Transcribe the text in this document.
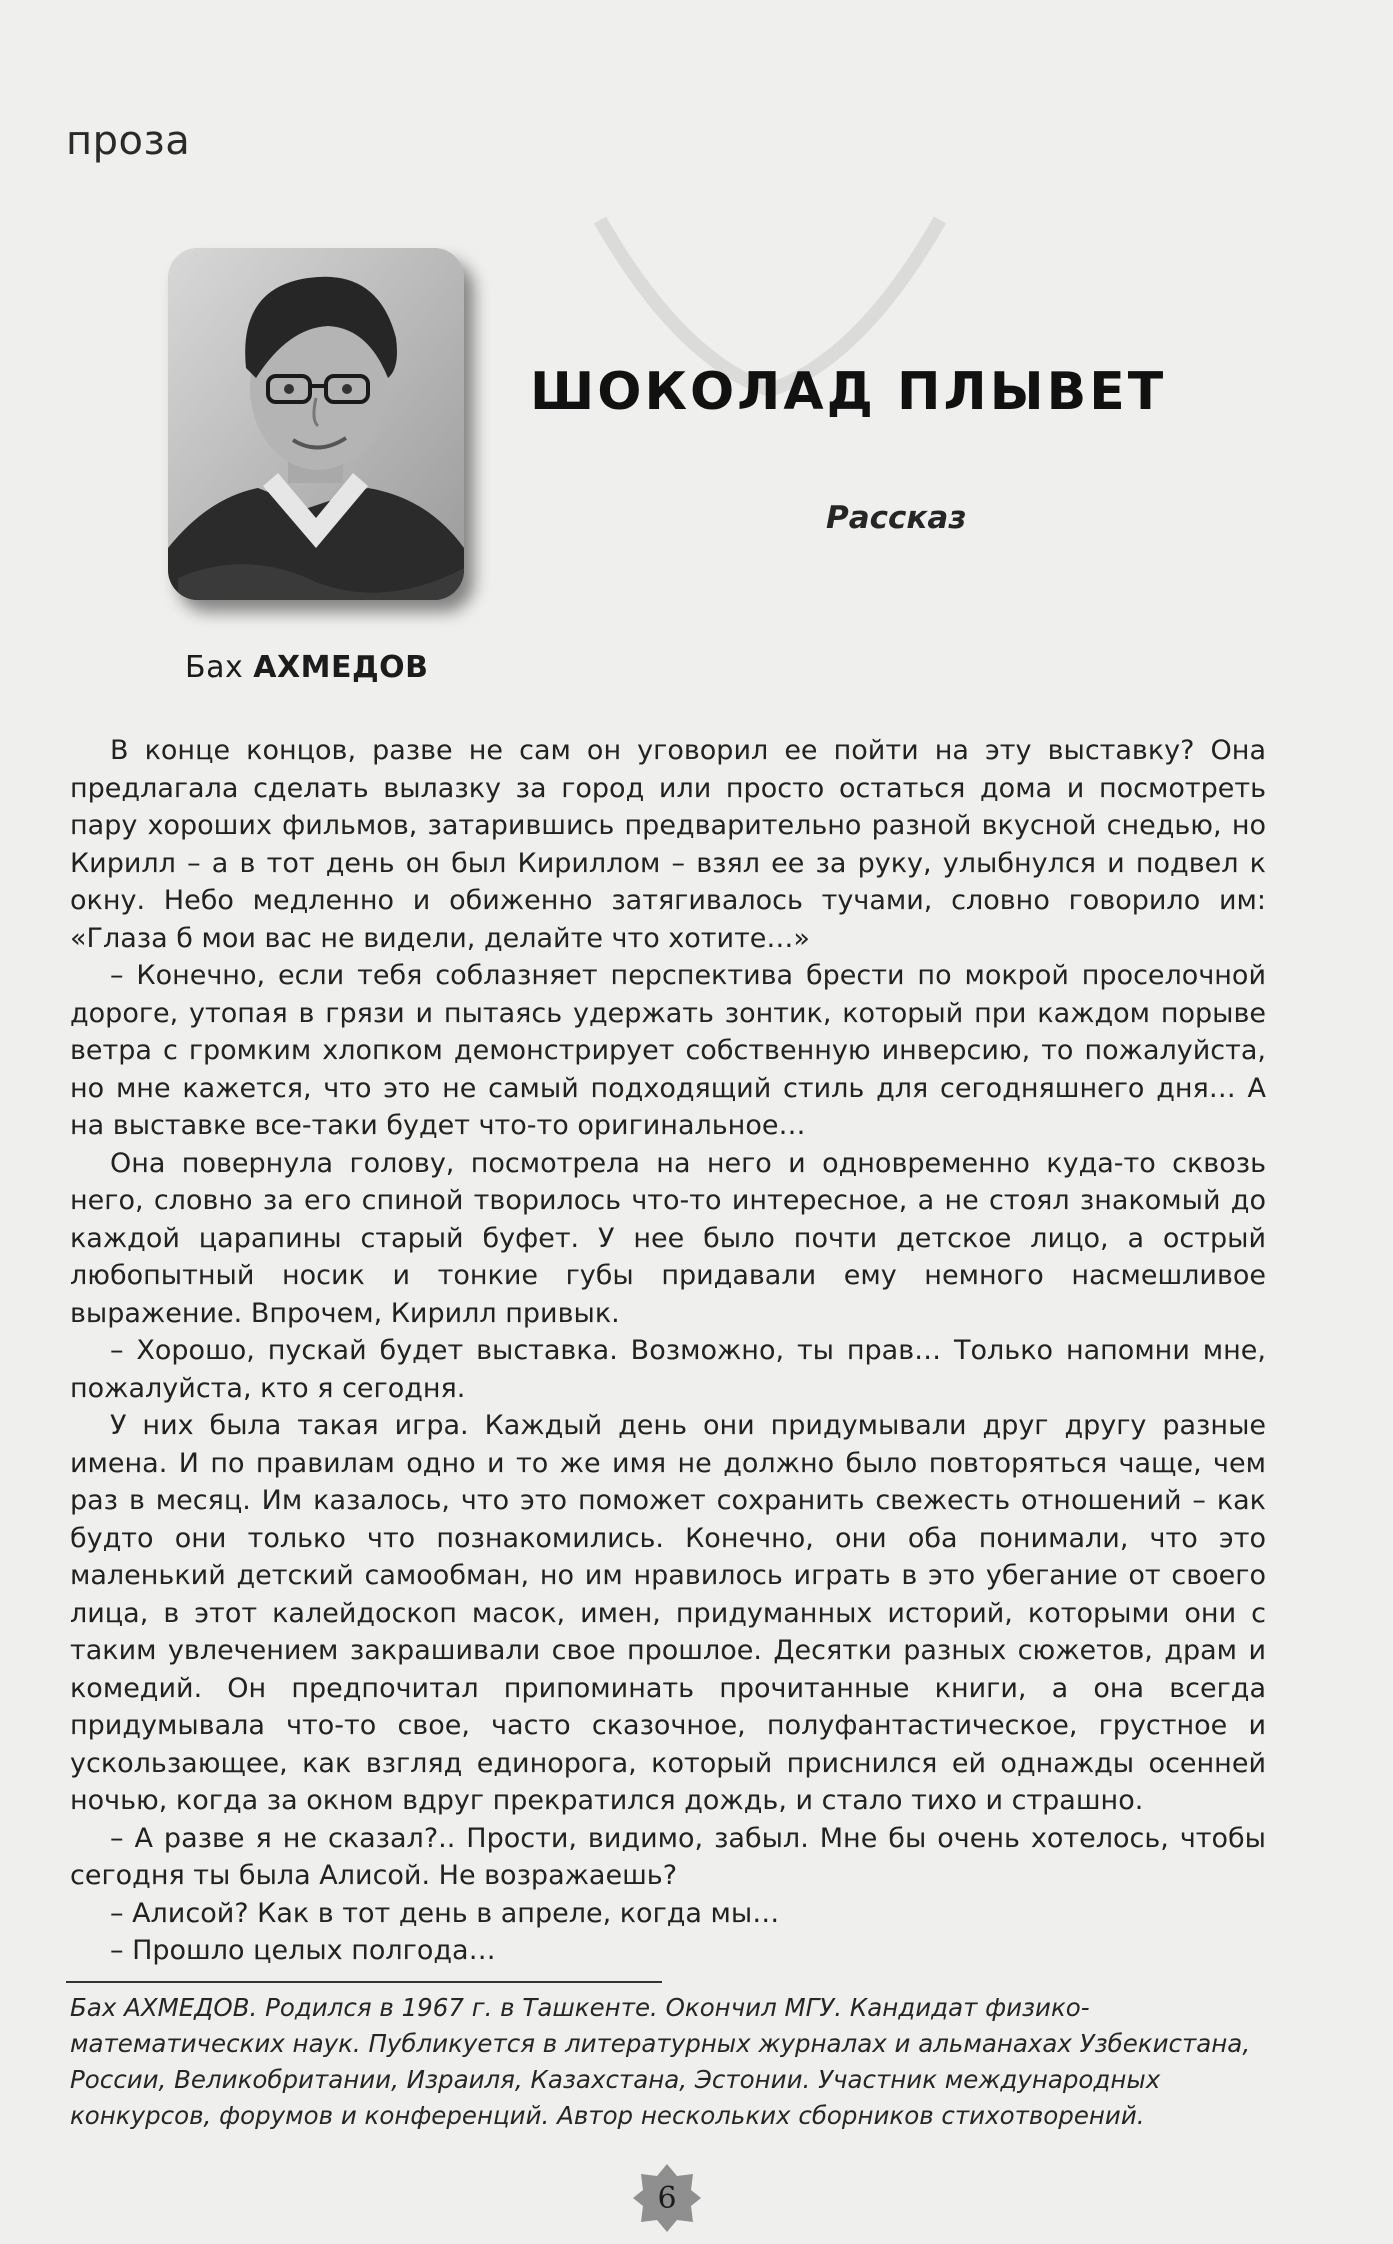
проза
ШОКОЛАД ПЛЫВЕТ
Рассказ
Бах АХМЕДОВ

В конце концов, разве не сам он уговорил ее пойти на эту выставку? Она предлагала сделать вылазку за город или просто остаться дома и посмотреть пару хороших фильмов, затарившись предварительно разной вкусной снедью, но Кирилл – а в тот день он был Кириллом – взял ее за руку, улыбнулся и подвел к окну. Небо медленно и обиженно затягивалось тучами, словно говорило им: «Глаза б мои вас не видели, делайте что хотите…»

– Конечно, если тебя соблазняет перспектива брести по мокрой проселочной дороге, утопая в грязи и пытаясь удержать зонтик, который при каждом порыве ветра с громким хлопком демонстрирует собственную инверсию, то пожалуйста, но мне кажется, что это не самый подходящий стиль для сегодняшнего дня… А на выставке все-таки будет что-то оригинальное…

Она повернула голову, посмотрела на него и одновременно куда-то сквозь него, словно за его спиной творилось что-то интересное, а не стоял знакомый до каждой царапины старый буфет. У нее было почти детское лицо, а острый любопытный носик и тонкие губы придавали ему немного насмешливое выражение. Впрочем, Кирилл привык.

– Хорошо, пускай будет выставка. Возможно, ты прав… Только напомни мне, пожалуйста, кто я сегодня.

У них была такая игра. Каждый день они придумывали друг другу разные имена. И по правилам одно и то же имя не должно было повторяться чаще, чем раз в месяц. Им казалось, что это поможет сохранить свежесть отношений – как будто они только что познакомились. Конечно, они оба понимали, что это маленький детский самообман, но им нравилось играть в это убегание от своего лица, в этот калейдоскоп масок, имен, придуманных историй, которыми они с таким увлечением закрашивали свое прошлое. Десятки разных сюжетов, драм и комедий. Он предпочитал припоминать прочитанные книги, а она всегда придумывала что-то свое, часто сказочное, полуфантастическое, грустное и ускользающее, как взгляд единорога, который приснился ей однажды осенней ночью, когда за окном вдруг прекратился дождь, и стало тихо и страшно.

– А разве я не сказал?.. Прости, видимо, забыл. Мне бы очень хотелось, чтобы сегодня ты была Алисой. Не возражаешь?

– Алисой? Как в тот день в апреле, когда мы…

– Прошло целых полгода…

Бах АХМЕДОВ. Родился в 1967 г. в Ташкенте. Окончил МГУ. Кандидат физико-математических наук. Публикуется в литературных журналах и альманахах Узбекистана, России, Великобритании, Израиля, Казахстана, Эстонии. Участник международных конкурсов, форумов и конференций. Автор нескольких сборников стихотворений.
6
